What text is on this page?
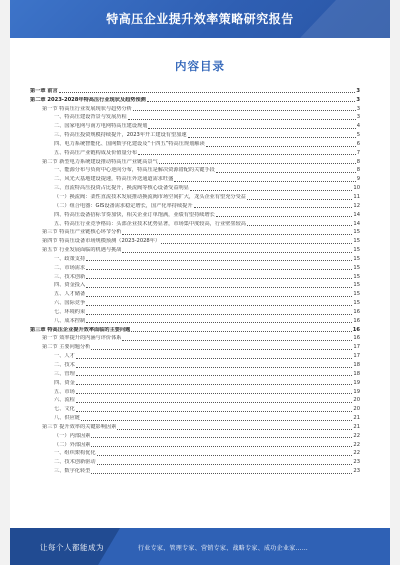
特高压企业提升效率策略研究报告
内容目录
第一章 前言	3
第二章 2023-2028年特高压行业现状及趋势预测	3
第一节 特高压行业发展现状与趋势分析	3
一、特高压建设背景与发展历程	3
二、国家电网与南方电网特高压建设规划	4
三、特高压投资规模持续提升，2023年开工建设有望加速	5
四、电力系统智能化、国网数字化建设及“十四五”特高压规划解读	6
五、特高压产业链构成及价值量分布	7
第二节 新型电力系统建设推动特高压产业链高景气	8
一、能源分布与负荷中心逆向分布，特高压是解决资源错配的关键手段	8
二、风光大基地建设提速，特高压外送通道需求旺盛	9
三、直流特高压投资占比提升，换流阀等核心设备受益明显	10
（一）换流阀：柔性直流技术发展推动换流阀市场空间扩大，龙头企业有望充分受益	11
（二）组合电器：GIS设备需求稳定增长，国产化率持续提升	12
四、特高压设备招标节奏加快，相关企业订单饱满，业绩有望持续增长	14
五、特高压行业竞争格局：头部企业技术优势显著，市场集中度较高，行业壁垒较高	14
第三节 特高压产业链核心环节分析	15
第四节 特高压设备市场规模预测（2023-2028年）	15
第五节 行业发展面临的机遇与挑战	15
一、政策支持	15
二、市场需求	15
三、技术创新	15
四、资金投入	15
五、人才储备	15
六、国际竞争	15
七、环境约束	16
八、成本控制	16
第三章 特高压企业提升效率面临的主要问题	16
第一节 效率提升的内涵与评价体系	16
第二节 主要问题分析	17
一、人才	17
二、技术	18
三、管理	18
四、资金	19
五、市场	19
六、流程	20
七、文化	20
八、供应链	21
第三节 提升效率的关键影响因素	21
（一）内部因素	22
（二）外部因素	22
一、组织架构优化	22
二、技术创新驱动	23
三、数字化转型	23
让每个人都能成为	行业专家、管理专家、营销专家、战略专家、成功企业家……
